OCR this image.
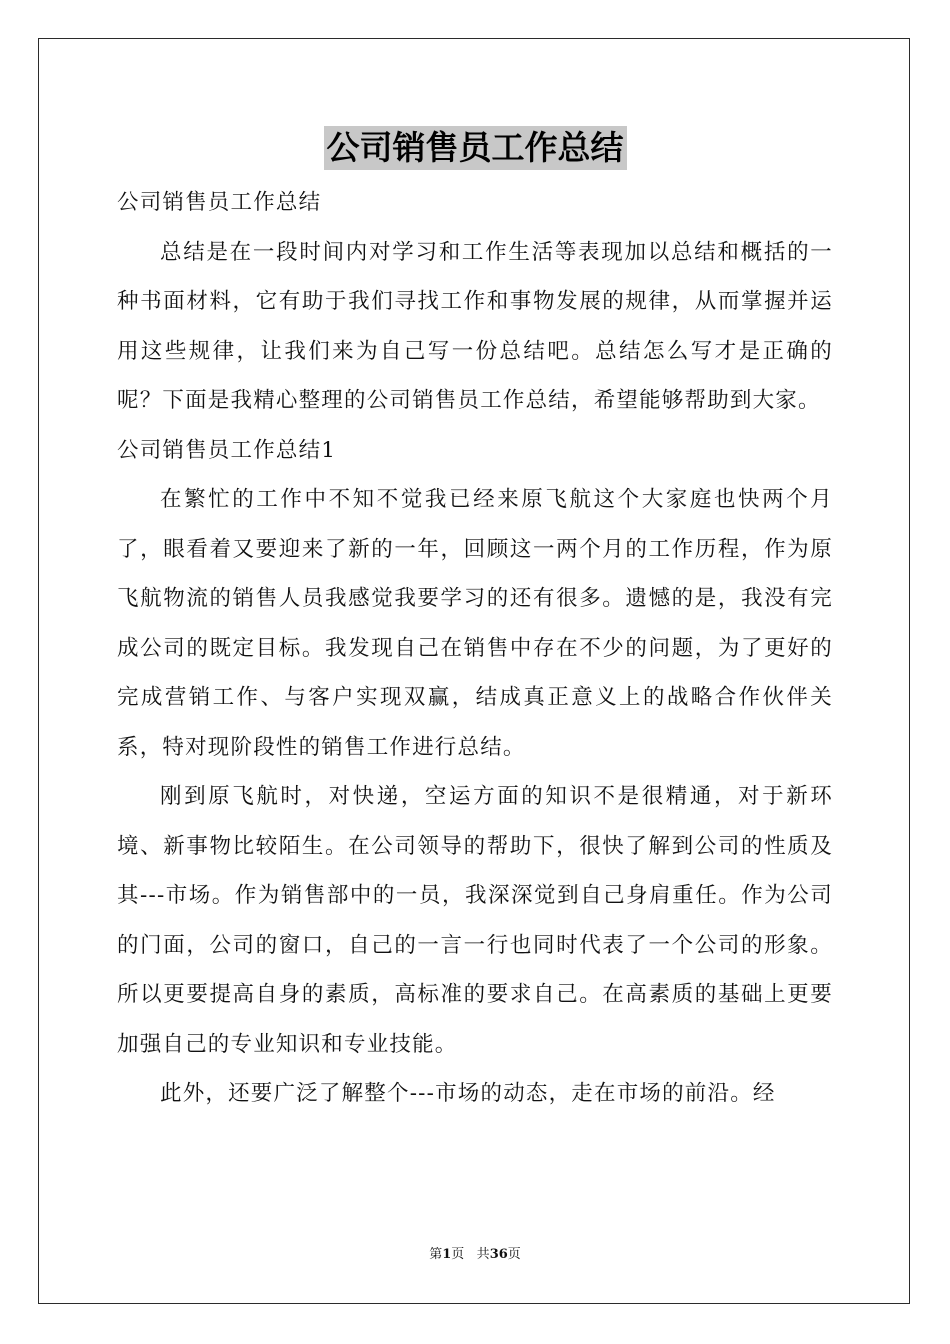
公司销售员工作总结
公司销售员工作总结

总结是在一段时间内对学习和工作生活等表现加以总结和概括的一种书面材料，它有助于我们寻找工作和事物发展的规律，从而掌握并运用这些规律，让我们来为自己写一份总结吧。总结怎么写才是正确的呢？下面是我精心整理的公司销售员工作总结，希望能够帮助到大家。

公司销售员工作总结1

在繁忙的工作中不知不觉我已经来原飞航这个大家庭也快两个月了，眼看着又要迎来了新的一年，回顾这一两个月的工作历程，作为原飞航物流的销售人员我感觉我要学习的还有很多。遗憾的是，我没有完成公司的既定目标。我发现自己在销售中存在不少的问题，为了更好的完成营销工作、与客户实现双赢，结成真正意义上的战略合作伙伴关系，特对现阶段性的销售工作进行总结。

刚到原飞航时，对快递，空运方面的知识不是很精通，对于新环境、新事物比较陌生。在公司领导的帮助下，很快了解到公司的性质及其---市场。作为销售部中的一员，我深深觉到自己身肩重任。作为公司的门面，公司的窗口，自己的一言一行也同时代表了一个公司的形象。所以更要提高自身的素质，高标准的要求自己。在高素质的基础上更要加强自己的专业知识和专业技能。

此外，还要广泛了解整个---市场的动态，走在市场的前沿。经

第1页 共36页
